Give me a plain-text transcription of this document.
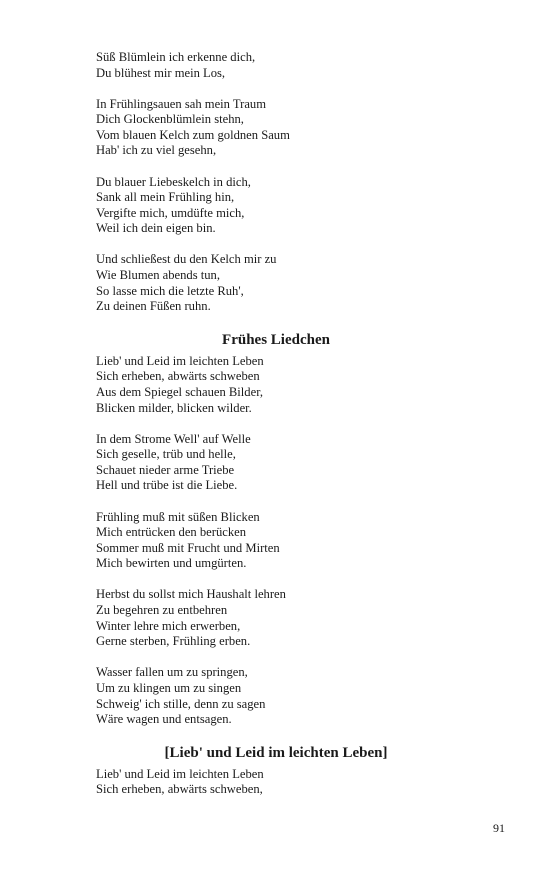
Süß Blümlein ich erkenne dich,
Du blühest mir mein Los,
In Frühlingsauen sah mein Traum
Dich Glockenblümlein stehn,
Vom blauen Kelch zum goldnen Saum
Hab' ich zu viel gesehn,
Du blauer Liebeskelch in dich,
Sank all mein Frühling hin,
Vergifte mich, umdüfte mich,
Weil ich dein eigen bin.
Und schließest du den Kelch mir zu
Wie Blumen abends tun,
So lasse mich die letzte Ruh',
Zu deinen Füßen ruhn.
Frühes Liedchen
Lieb' und Leid im leichten Leben
Sich erheben, abwärts schweben
Aus dem Spiegel schauen Bilder,
Blicken milder, blicken wilder.
In dem Strome Well' auf Welle
Sich geselle, trüb und helle,
Schauet nieder arme Triebe
Hell und trübe ist die Liebe.
Frühling muß mit süßen Blicken
Mich entrücken den berücken
Sommer muß mit Frucht und Mirten
Mich bewirten und umgürten.
Herbst du sollst mich Haushalt lehren
Zu begehren zu entbehren
Winter lehre mich erwerben,
Gerne sterben, Frühling erben.
Wasser fallen um zu springen,
Um zu klingen um zu singen
Schweig' ich stille, denn zu sagen
Wäre wagen und entsagen.
[Lieb' und Leid im leichten Leben]
Lieb' und Leid im leichten Leben
Sich erheben, abwärts schweben,
91
